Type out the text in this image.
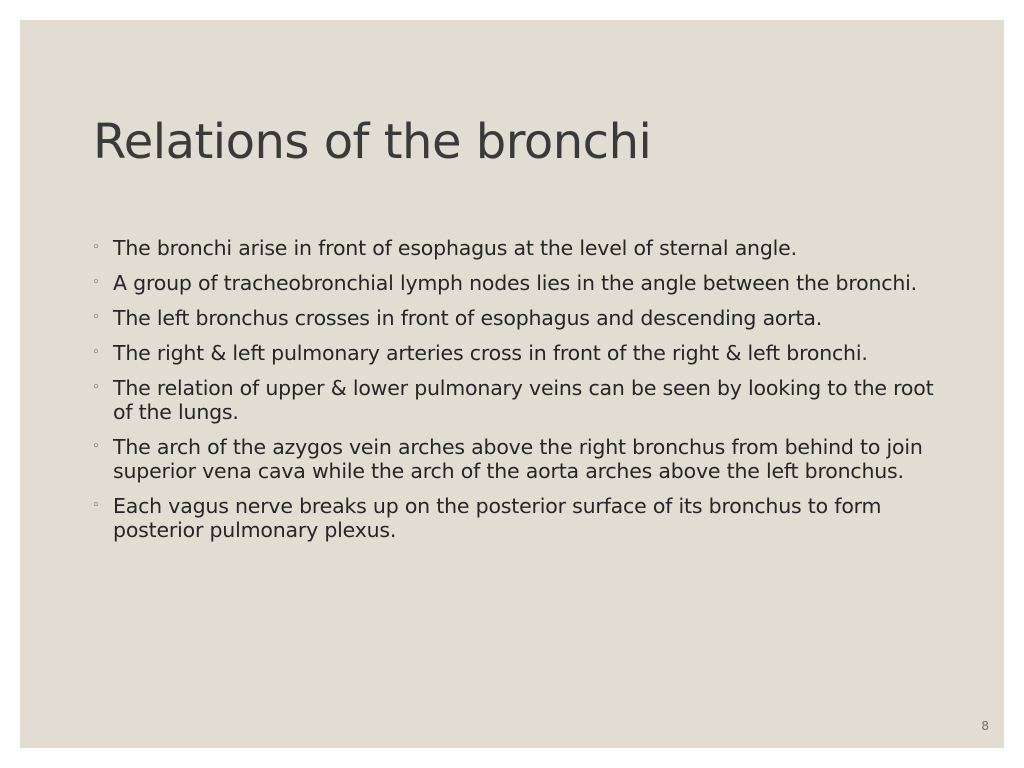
Relations of the bronchi
◦ The bronchi arise in front of esophagus at the level of sternal angle.
◦ A group of tracheobronchial lymph nodes lies in the angle between the bronchi.
◦ The left bronchus crosses in front of esophagus and descending aorta.
◦ The right & left pulmonary arteries cross in front of the right & left bronchi.
◦ The relation of upper & lower pulmonary veins can be seen by looking to the root of the lungs.
◦ The arch of the azygos vein arches above the right bronchus from behind to join superior vena cava while the arch of the aorta arches above the left bronchus.
◦ Each vagus nerve breaks up on the posterior surface of its bronchus to form posterior pulmonary plexus.
8
